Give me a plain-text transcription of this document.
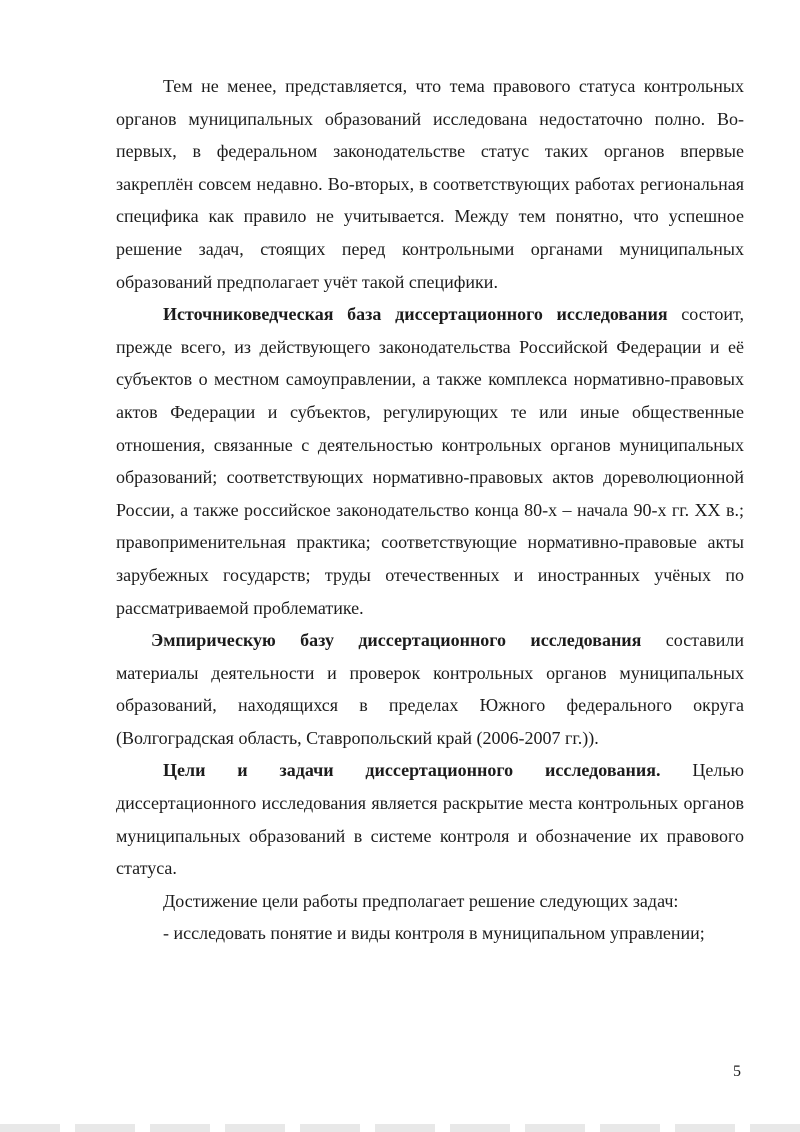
Тем не менее, представляется, что тема правового статуса контрольных органов муниципальных образований исследована недостаточно полно. Во-первых, в федеральном законодательстве статус таких органов впервые закреплён совсем недавно. Во-вторых, в соответствующих работах региональная специфика как правило не учитывается. Между тем понятно, что успешное решение задач, стоящих перед контрольными органами муниципальных образований предполагает учёт такой специфики.

Источниковедческая база диссертационного исследования состоит, прежде всего, из действующего законодательства Российской Федерации и её субъектов о местном самоуправлении, а также комплекса нормативно-правовых актов Федерации и субъектов, регулирующих те или иные общественные отношения, связанные с деятельностью контрольных органов муниципальных образований; соответствующих нормативно-правовых актов дореволюционной России, а также российское законодательство конца 80-х – начала 90-х гг. XX в.; правоприменительная практика; соответствующие нормативно-правовые акты зарубежных государств; труды отечественных и иностранных учёных по рассматриваемой проблематике.

Эмпирическую базу диссертационного исследования составили материалы деятельности и проверок контрольных органов муниципальных образований, находящихся в пределах Южного федерального округа (Волгоградская область, Ставропольский край (2006-2007 гг.)).

Цели и задачи диссертационного исследования. Целью диссертационного исследования является раскрытие места контрольных органов муниципальных образований в системе контроля и обозначение их правового статуса.

Достижение цели работы предполагает решение следующих задач:

- исследовать понятие и виды контроля в муниципальном управлении;

5
